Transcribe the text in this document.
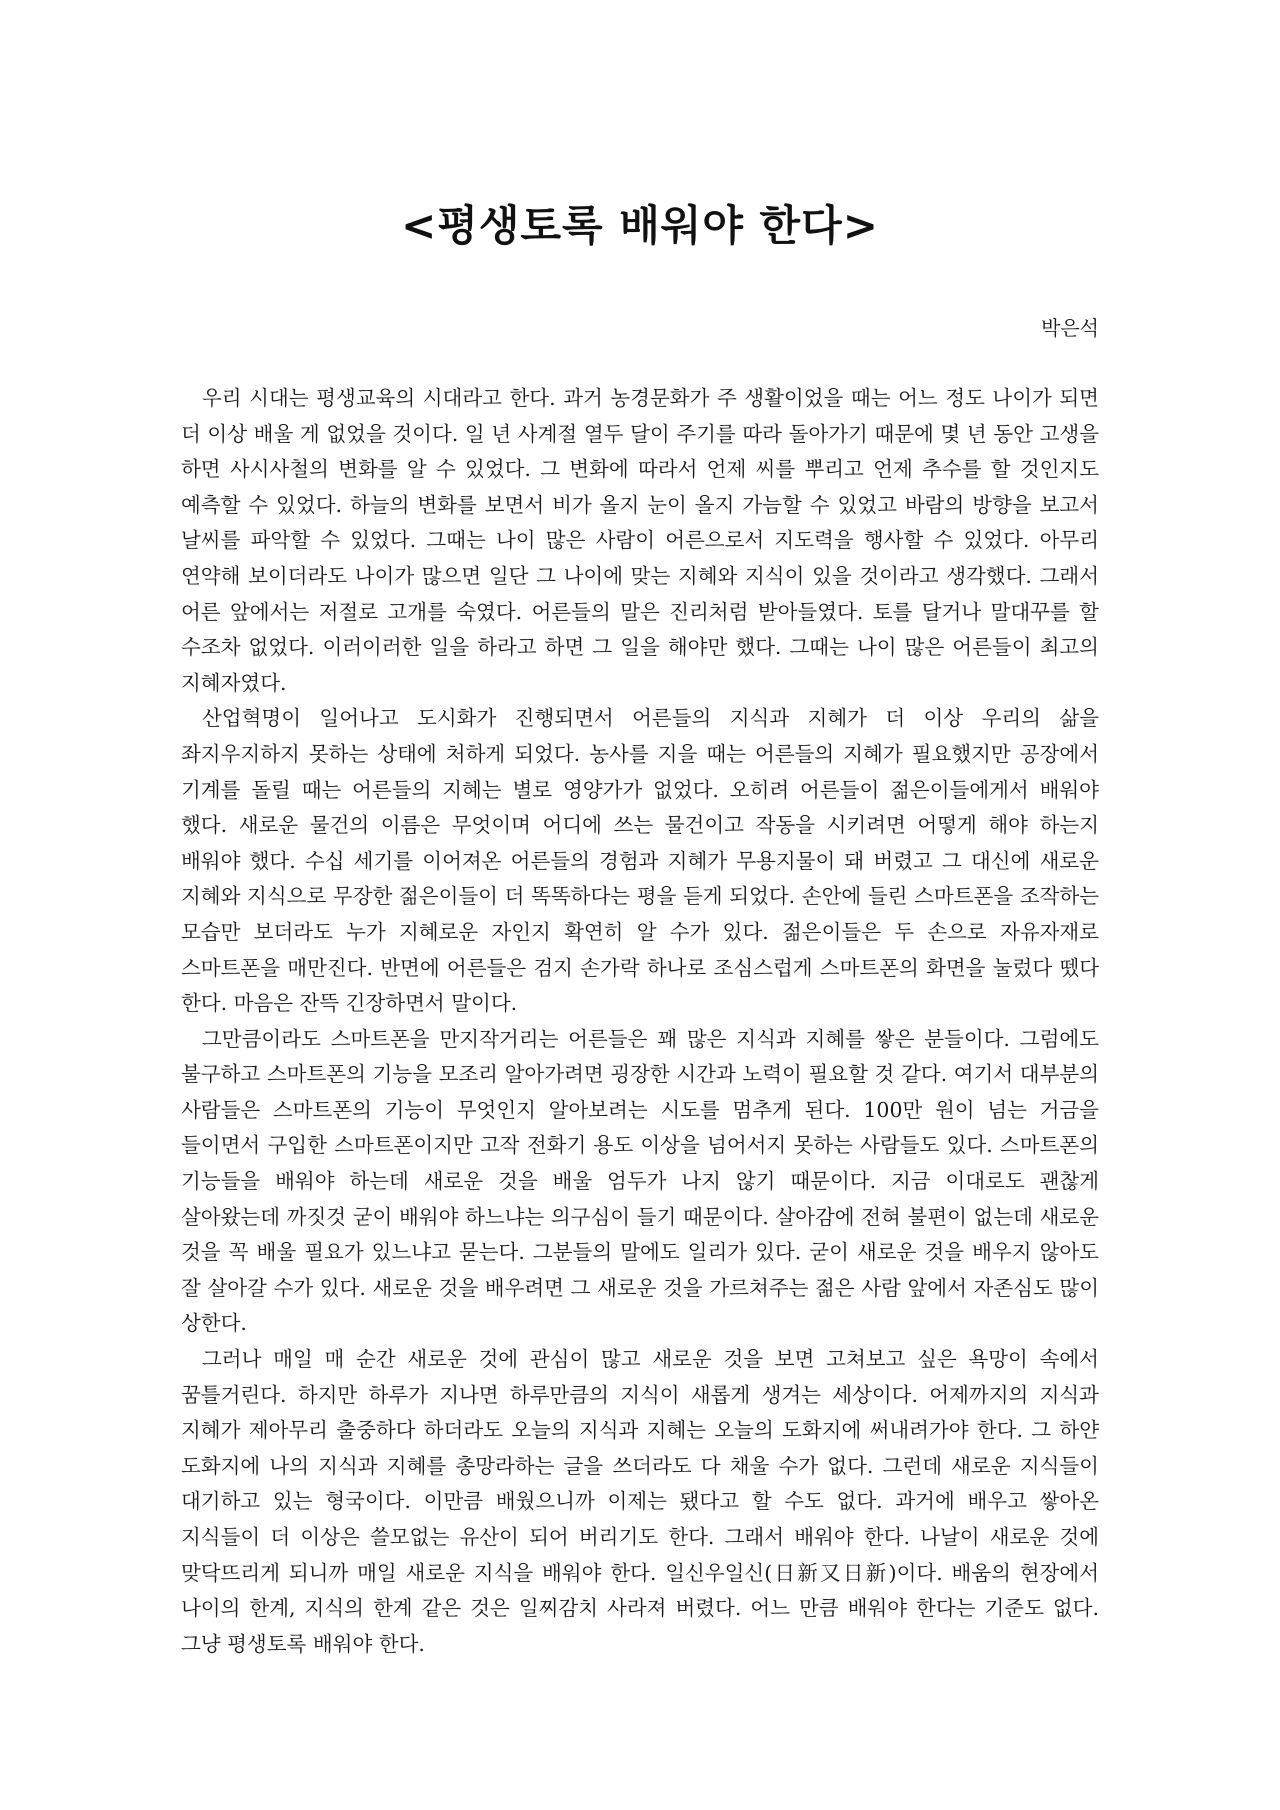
<평생토록 배워야 한다>
박은석

우리 시대는 평생교육의 시대라고 한다. 과거 농경문화가 주 생활이었을 때는 어느 정도 나이가 되면 더 이상 배울 게 없었을 것이다. 일 년 사계절 열두 달이 주기를 따라 돌아가기 때문에 몇 년 동안 고생을 하면 사시사철의 변화를 알 수 있었다. 그 변화에 따라서 언제 씨를 뿌리고 언제 추수를 할 것인지도 예측할 수 있었다. 하늘의 변화를 보면서 비가 올지 눈이 올지 가늠할 수 있었고 바람의 방향을 보고서 날씨를 파악할 수 있었다. 그때는 나이 많은 사람이 어른으로서 지도력을 행사할 수 있었다. 아무리 연약해 보이더라도 나이가 많으면 일단 그 나이에 맞는 지혜와 지식이 있을 것이라고 생각했다. 그래서 어른 앞에서는 저절로 고개를 숙였다. 어른들의 말은 진리처럼 받아들였다. 토를 달거나 말대꾸를 할 수조차 없었다. 이러이러한 일을 하라고 하면 그 일을 해야만 했다. 그때는 나이 많은 어른들이 최고의 지혜자였다.

산업혁명이 일어나고 도시화가 진행되면서 어른들의 지식과 지혜가 더 이상 우리의 삶을 좌지우지하지 못하는 상태에 처하게 되었다. 농사를 지을 때는 어른들의 지혜가 필요했지만 공장에서 기계를 돌릴 때는 어른들의 지혜는 별로 영양가가 없었다. 오히려 어른들이 젊은이들에게서 배워야 했다. 새로운 물건의 이름은 무엇이며 어디에 쓰는 물건이고 작동을 시키려면 어떻게 해야 하는지 배워야 했다. 수십 세기를 이어져온 어른들의 경험과 지혜가 무용지물이 돼 버렸고 그 대신에 새로운 지혜와 지식으로 무장한 젊은이들이 더 똑똑하다는 평을 듣게 되었다. 손안에 들린 스마트폰을 조작하는 모습만 보더라도 누가 지혜로운 자인지 확연히 알 수가 있다. 젊은이들은 두 손으로 자유자재로 스마트폰을 매만진다. 반면에 어른들은 검지 손가락 하나로 조심스럽게 스마트폰의 화면을 눌렀다 뗐다 한다. 마음은 잔뜩 긴장하면서 말이다.

그만큼이라도 스마트폰을 만지작거리는 어른들은 꽤 많은 지식과 지혜를 쌓은 분들이다. 그럼에도 불구하고 스마트폰의 기능을 모조리 알아가려면 굉장한 시간과 노력이 필요할 것 같다. 여기서 대부분의 사람들은 스마트폰의 기능이 무엇인지 알아보려는 시도를 멈추게 된다. 100만 원이 넘는 거금을 들이면서 구입한 스마트폰이지만 고작 전화기 용도 이상을 넘어서지 못하는 사람들도 있다. 스마트폰의 기능들을 배워야 하는데 새로운 것을 배울 엄두가 나지 않기 때문이다. 지금 이대로도 괜찮게 살아왔는데 까짓것 굳이 배워야 하느냐는 의구심이 들기 때문이다. 살아감에 전혀 불편이 없는데 새로운 것을 꼭 배울 필요가 있느냐고 묻는다. 그분들의 말에도 일리가 있다. 굳이 새로운 것을 배우지 않아도 잘 살아갈 수가 있다. 새로운 것을 배우려면 그 새로운 것을 가르쳐주는 젊은 사람 앞에서 자존심도 많이 상한다.

그러나 매일 매 순간 새로운 것에 관심이 많고 새로운 것을 보면 고쳐보고 싶은 욕망이 속에서 꿈틀거린다. 하지만 하루가 지나면 하루만큼의 지식이 새롭게 생겨는 세상이다. 어제까지의 지식과 지혜가 제아무리 출중하다 하더라도 오늘의 지식과 지혜는 오늘의 도화지에 써내려가야 한다. 그 하얀 도화지에 나의 지식과 지혜를 총망라하는 글을 쓰더라도 다 채울 수가 없다. 그런데 새로운 지식들이 대기하고 있는 형국이다. 이만큼 배웠으니까 이제는 됐다고 할 수도 없다. 과거에 배우고 쌓아온 지식들이 더 이상은 쓸모없는 유산이 되어 버리기도 한다. 그래서 배워야 한다. 나날이 새로운 것에 맞닥뜨리게 되니까 매일 새로운 지식을 배워야 한다. 일신우일신(日新又日新)이다. 배움의 현장에서 나이의 한계, 지식의 한계 같은 것은 일찌감치 사라져 버렸다. 어느 만큼 배워야 한다는 기준도 없다. 그냥 평생토록 배워야 한다.
